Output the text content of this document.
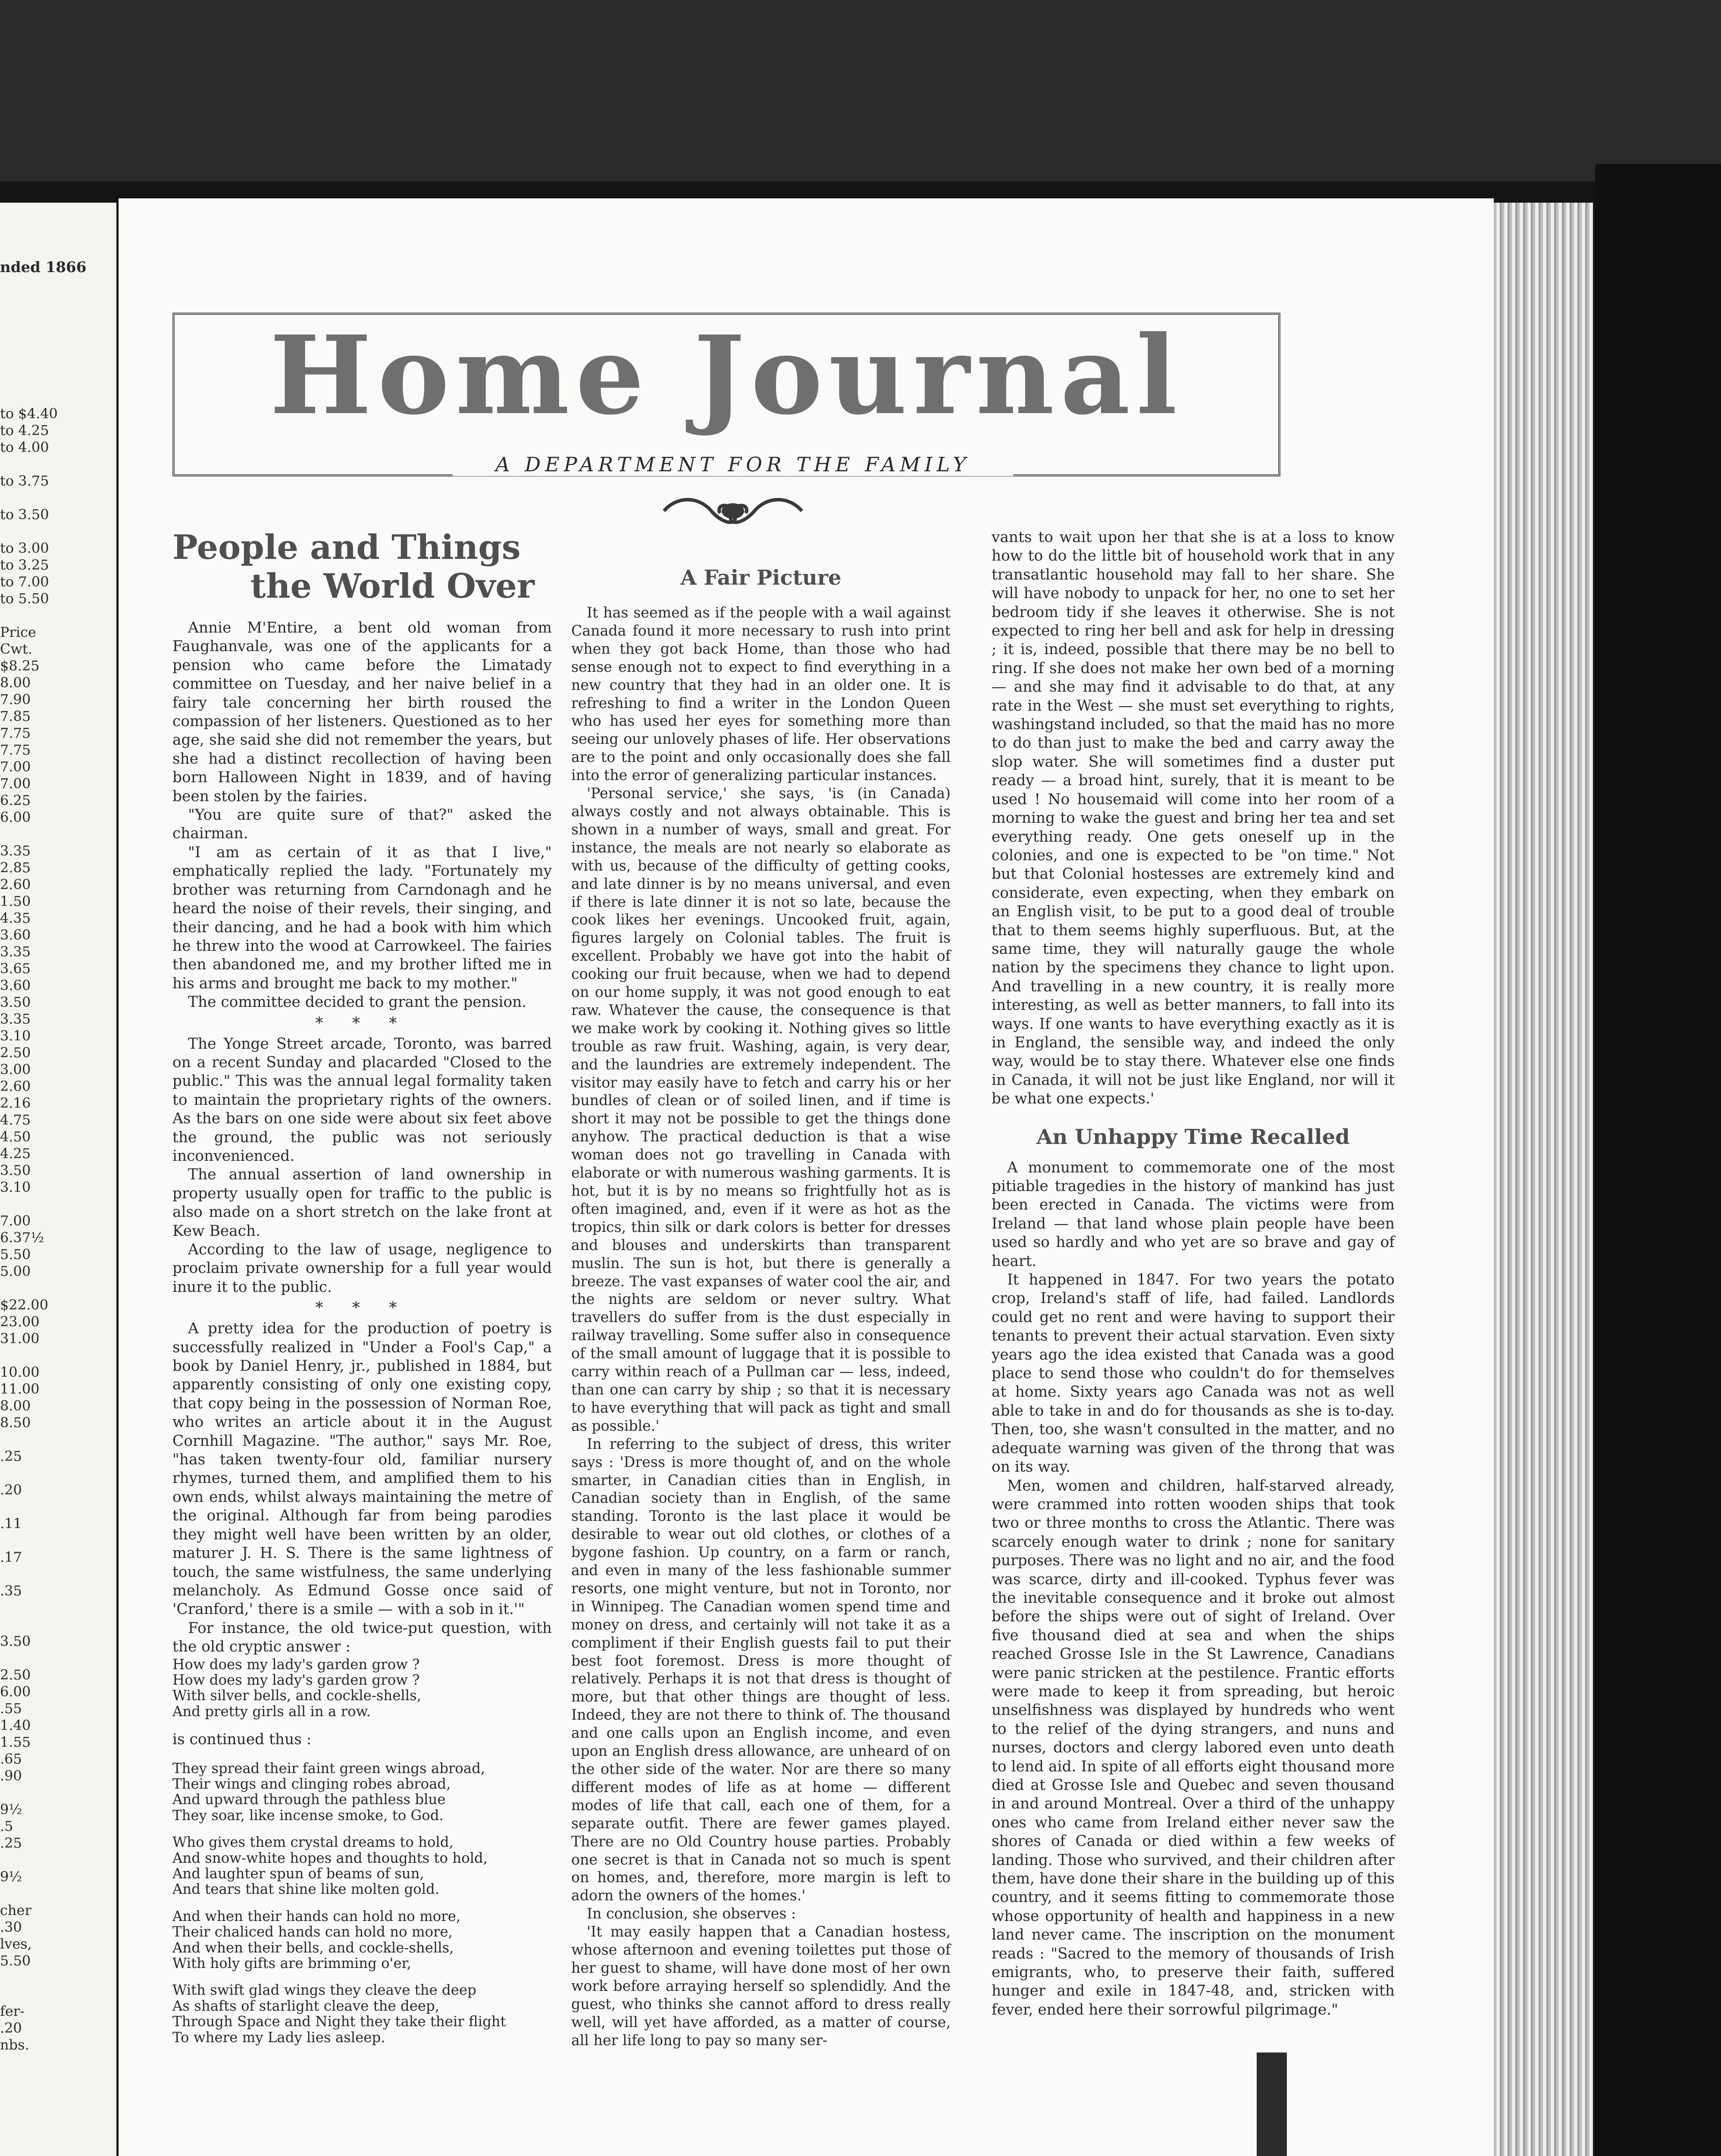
nded 1866
to $4.40
to 4.25
to 4.00
to 3.75
to 3.50
to 3.00
to 3.25
to 7.00
to 5.50
Price
Cwt.
$8.25
8.00
7.90
7.85
7.75
7.75
7.00
7.00
6.25
6.00
3.35
2.85
2.60
1.50
4.35
3.60
3.35
3.65
3.60
3.50
3.35
3.10
2.50
3.00
2.60
2.16
4.75
4.50
4.25
3.50
3.10
7.00
6.37½
5.50
5.00
$22.00
23.00
31.00
10.00
11.00
8.00
8.50
.25
.20
.11
.17
.35
3.50
2.50
6.00
.55
1.40
1.55
.65
.90
9½
.5
.25
9½
cher
.30
lves,
5.50
fer-
.20
nbs.
Home Journal
A DEPARTMENT FOR THE FAMILY
People and Things
the World Over

Annie M'Entire, a bent old woman from Faughanvale, was one of the applicants for a pension who came before the Limatady committee on Tuesday, and her naive belief in a fairy tale concerning her birth roused the compassion of her listeners. Questioned as to her age, she said she did not remember the years, but she had a distinct recollection of having been born Halloween Night in 1839, and of having been stolen by the fairies.

"You are quite sure of that?" asked the chairman.

"I am as certain of it as that I live," emphatically replied the lady. "Fortunately my brother was returning from Carndonagh and he heard the noise of their revels, their singing, and their dancing, and he had a book with him which he threw into the wood at Carrowkeel. The fairies then abandoned me, and my brother lifted me in his arms and brought me back to my mother."

The committee decided to grant the pension.

* * *

The Yonge Street arcade, Toronto, was barred on a recent Sunday and placarded "Closed to the public." This was the annual legal formality taken to maintain the proprietary rights of the owners. As the bars on one side were about six feet above the ground, the public was not seriously inconvenienced.

The annual assertion of land ownership in property usually open for traffic to the public is also made on a short stretch on the lake front at Kew Beach.

According to the law of usage, negligence to proclaim private ownership for a full year would inure it to the public.

* * *

A pretty idea for the production of poetry is successfully realized in "Under a Fool's Cap," a book by Daniel Henry, jr., published in 1884, but apparently consisting of only one existing copy, that copy being in the possession of Norman Roe, who writes an article about it in the August Cornhill Magazine. "The author," says Mr. Roe, "has taken twenty-four old, familiar nursery rhymes, turned them, and amplified them to his own ends, whilst always maintaining the metre of the original. Although far from being parodies they might well have been written by an older, maturer J. H. S. There is the same lightness of touch, the same wistfulness, the same underlying melancholy. As Edmund Gosse once said of 'Cranford,' there is a smile — with a sob in it.'"

For instance, the old twice-put question, with the old cryptic answer :

How does my lady's garden grow ?
How does my lady's garden grow ?
With silver bells, and cockle-shells,
And pretty girls all in a row.

is continued thus :

They spread their faint green wings abroad,
Their wings and clinging robes abroad,
And upward through the pathless blue
They soar, like incense smoke, to God.
Who gives them crystal dreams to hold,
And snow-white hopes and thoughts to hold,
And laughter spun of beams of sun,
And tears that shine like molten gold.
And when their hands can hold no more,
Their chaliced hands can hold no more,
And when their bells, and cockle-shells,
With holy gifts are brimming o'er,
With swift glad wings they cleave the deep
As shafts of starlight cleave the deep,
Through Space and Night they take their flight
To where my Lady lies asleep.
A Fair Picture

It has seemed as if the people with a wail against Canada found it more necessary to rush into print when they got back Home, than those who had sense enough not to expect to find everything in a new country that they had in an older one. It is refreshing to find a writer in the London Queen who has used her eyes for something more than seeing our unlovely phases of life. Her observations are to the point and only occasionally does she fall into the error of generalizing particular instances.

'Personal service,' she says, 'is (in Canada) always costly and not always obtainable. This is shown in a number of ways, small and great. For instance, the meals are not nearly so elaborate as with us, because of the difficulty of getting cooks, and late dinner is by no means universal, and even if there is late dinner it is not so late, because the cook likes her evenings. Uncooked fruit, again, figures largely on Colonial tables. The fruit is excellent. Probably we have got into the habit of cooking our fruit because, when we had to depend on our home supply, it was not good enough to eat raw. Whatever the cause, the consequence is that we make work by cooking it. Nothing gives so little trouble as raw fruit. Washing, again, is very dear, and the laundries are extremely independent. The visitor may easily have to fetch and carry his or her bundles of clean or of soiled linen, and if time is short it may not be possible to get the things done anyhow. The practical deduction is that a wise woman does not go travelling in Canada with elaborate or with numerous washing garments. It is hot, but it is by no means so frightfully hot as is often imagined, and, even if it were as hot as the tropics, thin silk or dark colors is better for dresses and blouses and underskirts than transparent muslin. The sun is hot, but there is generally a breeze. The vast expanses of water cool the air, and the nights are seldom or never sultry. What travellers do suffer from is the dust especially in railway travelling. Some suffer also in consequence of the small amount of luggage that it is possible to carry within reach of a Pullman car — less, indeed, than one can carry by ship ; so that it is necessary to have everything that will pack as tight and small as possible.'

In referring to the subject of dress, this writer says : 'Dress is more thought of, and on the whole smarter, in Canadian cities than in English, in Canadian society than in English, of the same standing. Toronto is the last place it would be desirable to wear out old clothes, or clothes of a bygone fashion. Up country, on a farm or ranch, and even in many of the less fashionable summer resorts, one might venture, but not in Toronto, nor in Winnipeg. The Canadian women spend time and money on dress, and certainly will not take it as a compliment if their English guests fail to put their best foot foremost. Dress is more thought of relatively. Perhaps it is not that dress is thought of more, but that other things are thought of less. Indeed, they are not there to think of. The thousand and one calls upon an English income, and even upon an English dress allowance, are unheard of on the other side of the water. Nor are there so many different modes of life as at home — different modes of life that call, each one of them, for a separate outfit. There are fewer games played. There are no Old Country house parties. Probably one secret is that in Canada not so much is spent on homes, and, therefore, more margin is left to adorn the owners of the homes.'

In conclusion, she observes :

'It may easily happen that a Canadian hostess, whose afternoon and evening toilettes put those of her guest to shame, will have done most of her own work before arraying herself so splendidly. And the guest, who thinks she cannot afford to dress really well, will yet have afforded, as a matter of course, all her life long to pay so many ser-

vants to wait upon her that she is at a loss to know how to do the little bit of household work that in any transatlantic household may fall to her share. She will have nobody to unpack for her, no one to set her bedroom tidy if she leaves it otherwise. She is not expected to ring her bell and ask for help in dressing ; it is, indeed, possible that there may be no bell to ring. If she does not make her own bed of a morning — and she may find it advisable to do that, at any rate in the West — she must set everything to rights, washingstand included, so that the maid has no more to do than just to make the bed and carry away the slop water. She will sometimes find a duster put ready — a broad hint, surely, that it is meant to be used ! No housemaid will come into her room of a morning to wake the guest and bring her tea and set everything ready. One gets oneself up in the colonies, and one is expected to be "on time." Not but that Colonial hostesses are extremely kind and considerate, even expecting, when they embark on an English visit, to be put to a good deal of trouble that to them seems highly superfluous. But, at the same time, they will naturally gauge the whole nation by the specimens they chance to light upon. And travelling in a new country, it is really more interesting, as well as better manners, to fall into its ways. If one wants to have everything exactly as it is in England, the sensible way, and indeed the only way, would be to stay there. Whatever else one finds in Canada, it will not be just like England, nor will it be what one expects.'

An Unhappy Time Recalled

A monument to commemorate one of the most pitiable tragedies in the history of mankind has just been erected in Canada. The victims were from Ireland — that land whose plain people have been used so hardly and who yet are so brave and gay of heart.

It happened in 1847. For two years the potato crop, Ireland's staff of life, had failed. Landlords could get no rent and were having to support their tenants to prevent their actual starvation. Even sixty years ago the idea existed that Canada was a good place to send those who couldn't do for themselves at home. Sixty years ago Canada was not as well able to take in and do for thousands as she is to-day. Then, too, she wasn't consulted in the matter, and no adequate warning was given of the throng that was on its way.

Men, women and children, half-starved already, were crammed into rotten wooden ships that took two or three months to cross the Atlantic. There was scarcely enough water to drink ; none for sanitary purposes. There was no light and no air, and the food was scarce, dirty and ill-cooked. Typhus fever was the inevitable consequence and it broke out almost before the ships were out of sight of Ireland. Over five thousand died at sea and when the ships reached Grosse Isle in the St Lawrence, Canadians were panic stricken at the pestilence. Frantic efforts were made to keep it from spreading, but heroic unselfishness was displayed by hundreds who went to the relief of the dying strangers, and nuns and nurses, doctors and clergy labored even unto death to lend aid. In spite of all efforts eight thousand more died at Grosse Isle and Quebec and seven thousand in and around Montreal. Over a third of the unhappy ones who came from Ireland either never saw the shores of Canada or died within a few weeks of landing. Those who survived, and their children after them, have done their share in the building up of this country, and it seems fitting to commemorate those whose opportunity of health and happiness in a new land never came. The inscription on the monument reads : "Sacred to the memory of thousands of Irish emigrants, who, to preserve their faith, suffered hunger and exile in 1847-48, and, stricken with fever, ended here their sorrowful pilgrimage."
